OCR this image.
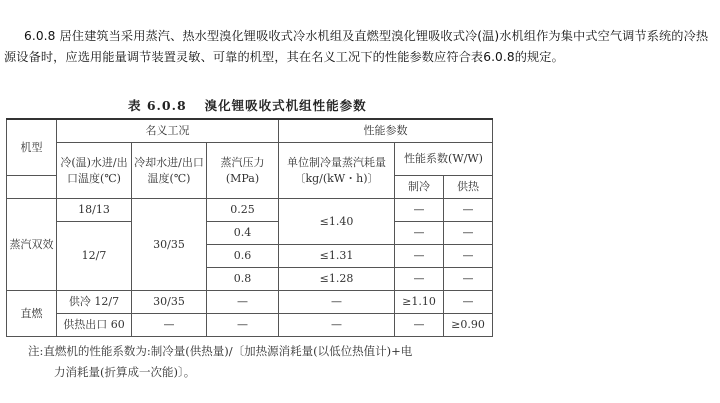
6.0.8 居住建筑当采用蒸汽、热水型溴化锂吸收式冷水机组及直燃型溴化锂吸收式冷(温)水机组作为集中式空气调节系统的冷热源设备时，应选用能量调节装置灵敏、可靠的机型，其在名义工况下的性能参数应符合表6.0.8的规定。
表 6.0.8 溴化锂吸收式机组性能参数
机型	名义工况			性能参数		
	冷(温)水进/出口温度(℃)	冷却水进/出口温度(℃)	蒸汽压力(MPa)	单位制冷量蒸汽耗量〔kg/(kW・h)〕	性能系数(W/W)	
					制冷	供热
蒸汽双效	18/13	30/35	0.25	≤1.40	—	—
	12/7		0.4		—	—
			0.6	≤1.31	—	—
			0.8	≤1.28	—	—
直燃	供冷 12/7	30/35	—	—	≥1.10	—
	供热出口 60	—	—	—	—	≥0.90
注:直燃机的性能系数为:制冷量(供热量)/〔加热源消耗量(以低位热值计)+电
力消耗量(折算成一次能)〕。
